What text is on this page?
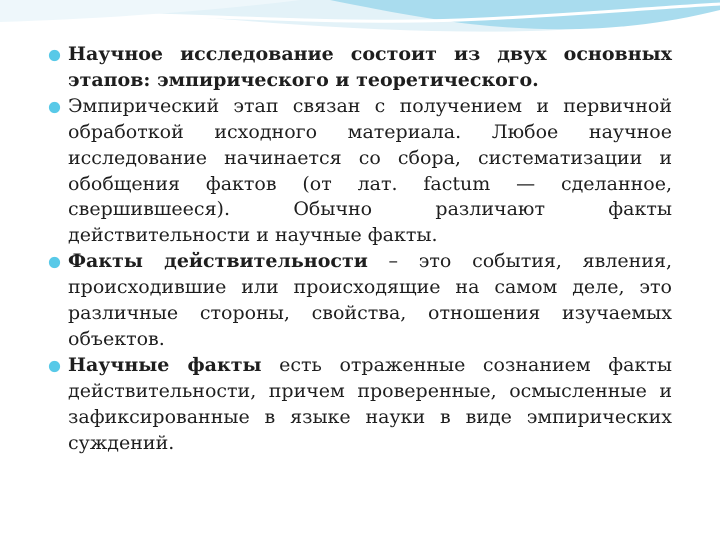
Научное исследование состоит из двух основных этапов: эмпирического и теоретического.
Эмпирический этап связан с получением и первичной обработкой исходного материала. Любое научное исследование начинается со сбора, систематизации и обобщения фактов (от лат. factum — сделанное, свершившееся). Обычно различают факты действительности и научные факты.
Факты действительности – это события, явления, происходившие или происходящие на самом деле, это различные стороны, свойства, отношения изучаемых объектов.
Научные факты есть отраженные сознанием факты действительности, причем проверенные, осмысленные и зафиксированные в языке науки в виде эмпирических суждений.
